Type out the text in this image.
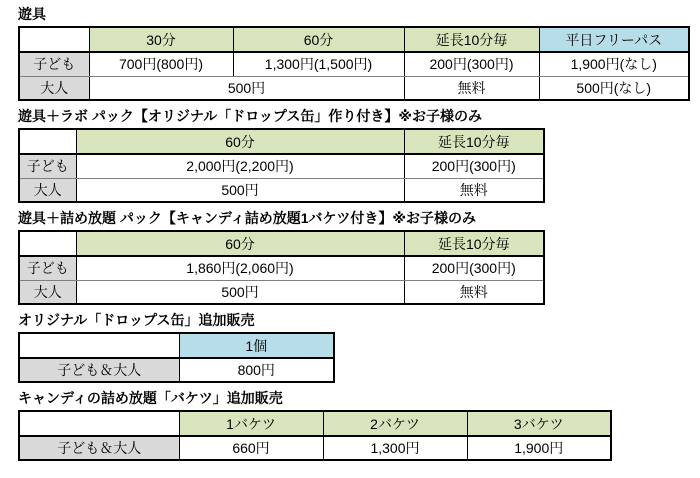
遊具
	30分	60分	延長10分毎	平日フリーパス
子ども	700円(800円)	1,300円(1,500円)	200円(300円)	1,900円(なし)
大人	500円		無料	500円(なし)
遊具＋ラボ パック【オリジナル「ドロップス缶」作り付き】※お子様のみ
	60分	延長10分毎
子ども	2,000円(2,200円)	200円(300円)
大人	500円	無料
遊具＋詰め放題 パック【キャンディ詰め放題1バケツ付き】※お子様のみ
	60分	延長10分毎
子ども	1,860円(2,060円)	200円(300円)
大人	500円	無料
オリジナル「ドロップス缶」追加販売
	1個
子ども＆大人	800円
キャンディの詰め放題「バケツ」追加販売
	1バケツ	2バケツ	3バケツ
子ども＆大人	660円	1,300円	1,900円
